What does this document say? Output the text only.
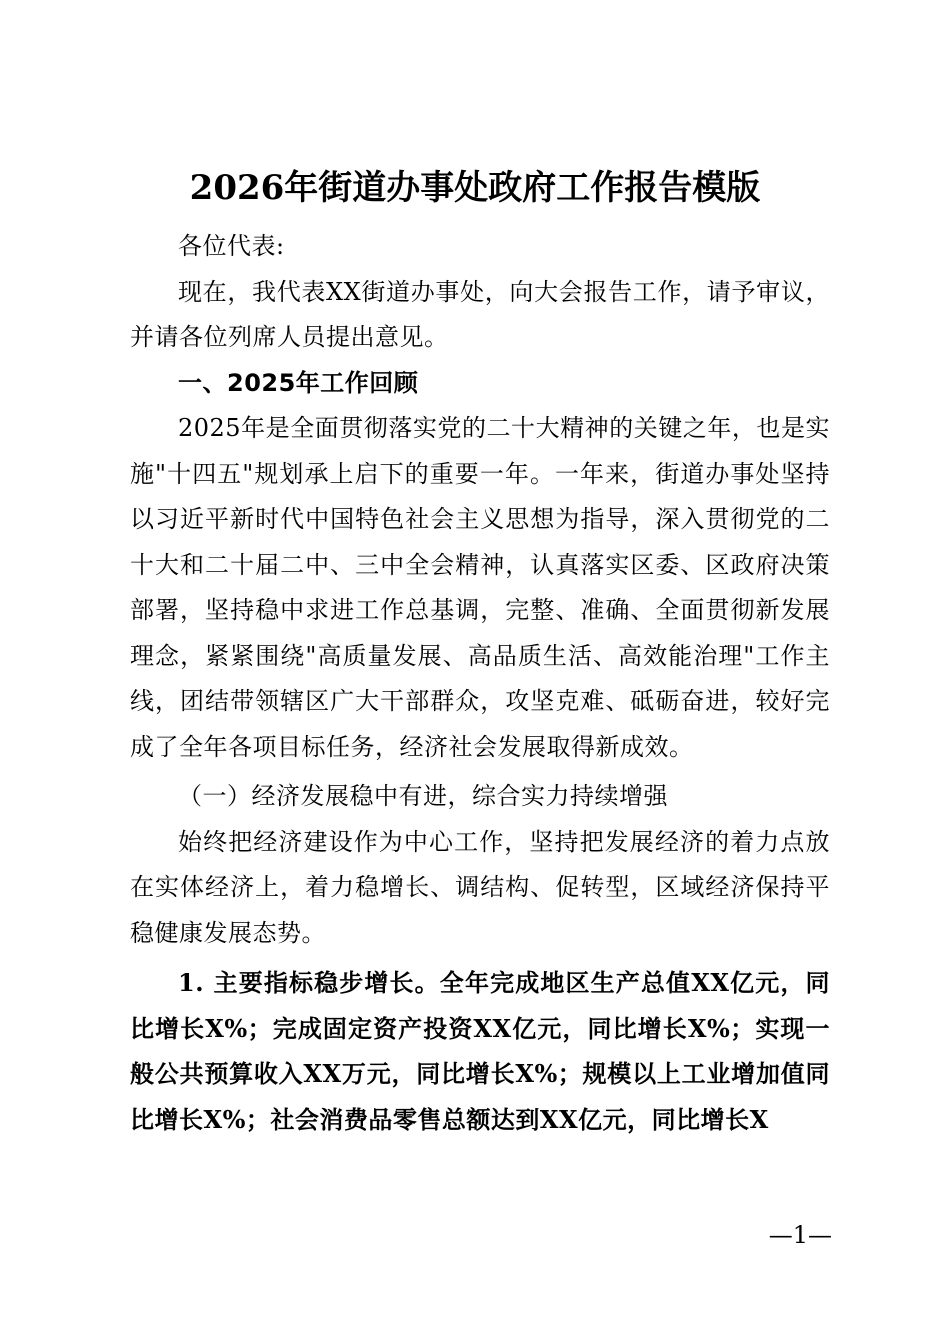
2026年街道办事处政府工作报告模版

各位代表:

现在，我代表XX街道办事处，向大会报告工作，请予审议，并请各位列席人员提出意见。

一、2025年工作回顾

2025年是全面贯彻落实党的二十大精神的关键之年，也是实施"十四五"规划承上启下的重要一年。一年来，街道办事处坚持以习近平新时代中国特色社会主义思想为指导，深入贯彻党的二十大和二十届二中、三中全会精神，认真落实区委、区政府决策部署，坚持稳中求进工作总基调，完整、准确、全面贯彻新发展理念，紧紧围绕"高质量发展、高品质生活、高效能治理"工作主线，团结带领辖区广大干部群众，攻坚克难、砥砺奋进，较好完成了全年各项目标任务，经济社会发展取得新成效。

（一）经济发展稳中有进，综合实力持续增强

始终把经济建设作为中心工作，坚持把发展经济的着力点放在实体经济上，着力稳增长、调结构、促转型，区域经济保持平稳健康发展态势。

1. 主要指标稳步增长。全年完成地区生产总值XX亿元，同比增长X%；完成固定资产投资XX亿元，同比增长X%；实现一般公共预算收入XX万元，同比增长X%；规模以上工业增加值同比增长X%；社会消费品零售总额达到XX亿元，同比增长X

—1—
